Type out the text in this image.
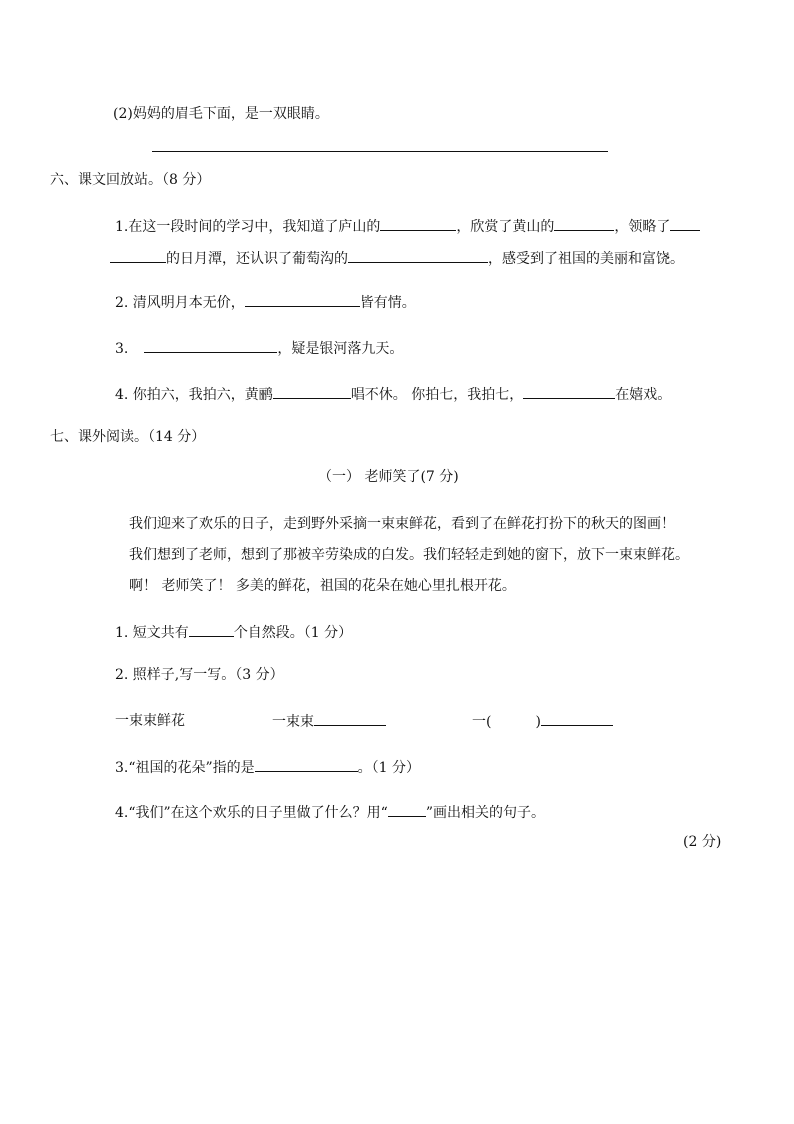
(2)妈妈的眉毛下面，是一双眼睛。
六、课文回放站。（8 分）
1.在这一段时间的学习中，我知道了庐山的	，欣赏了黄山的	，领略了
的日月潭，还认识了葡萄沟的	，感受到了祖国的美丽和富饶。
2. 清风明月本无价，	皆有情。
3.	，疑是银河落九天。
4. 你拍六，我拍六，黄鹂	唱不休。 你拍七，我拍七，	在嬉戏。
七、课外阅读。（14 分）
（一） 老师笑了(7 分)
我们迎来了欢乐的日子，走到野外采摘一束束鲜花，看到了在鲜花打扮下的秋天的图画！
我们想到了老师，想到了那被辛劳染成的白发。我们轻轻走到她的窗下，放下一束束鲜花。
啊！ 老师笑了！ 多美的鲜花，祖国的花朵在她心里扎根开花。
1. 短文共有	个自然段。（1 分）
2. 照样子,写一写。（3 分）
一束束鲜花	一束束	一(	)
3.“祖国的花朵”指的是	。（1 分）
4.“我们”在这个欢乐的日子里做了什么？用“	”画出相关的句子。
(2 分)
